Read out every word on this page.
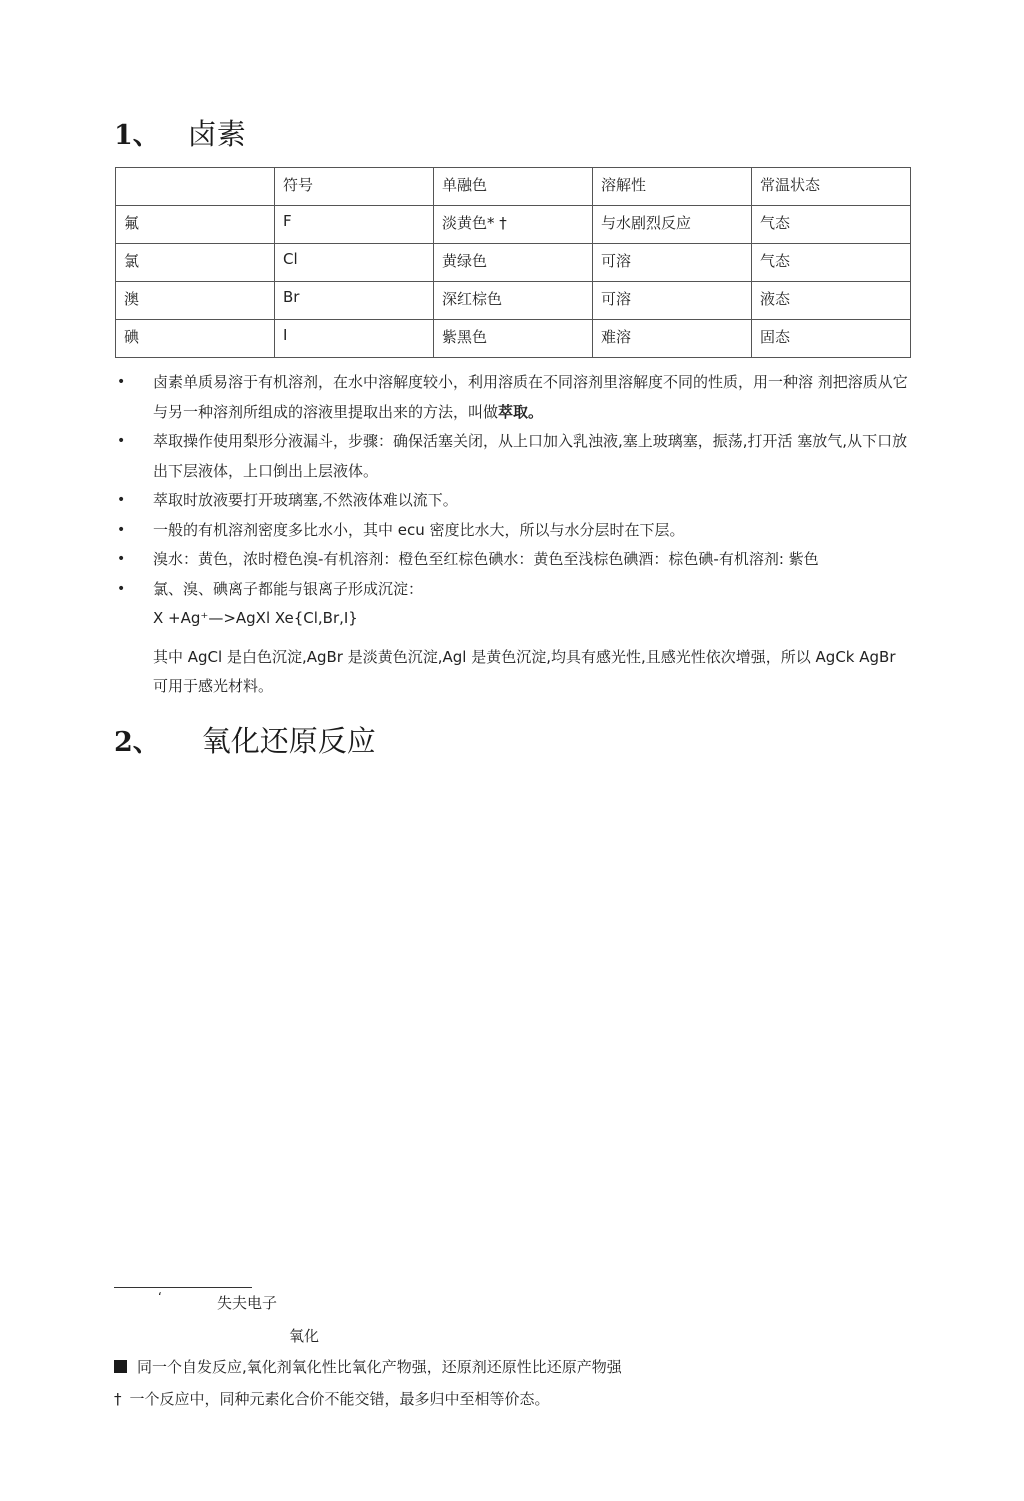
1、 卤素
	符号	单融色	溶解性	常温状态
氟	F	淡黄色* †	与水剧烈反应	气态
氯	Cl	黄绿色	可溶	气态
澳	Br	深红棕色	可溶	液态
碘	I	紫黑色	难溶	固态
• 卤素单质易溶于有机溶剂，在水中溶解度较小，利用溶质在不同溶剂里溶解度不同的性质，用一种溶 剂把溶质从它与另一种溶剂所组成的溶液里提取出来的方法，叫做萃取。
• 萃取操作使用梨形分液漏斗，步骤：确保活塞关闭，从上口加入乳浊液,塞上玻璃塞，振荡,打开活 塞放气,从下口放出下层液体，上口倒出上层液体。
• 萃取时放液要打开玻璃塞,不然液体难以流下。
• 一般的有机溶剂密度多比水小，其中 ecu 密度比水大，所以与水分层时在下层。
• 溴水：黄色，浓时橙色溴-有机溶剂：橙色至红棕色碘水：黄色至浅棕色碘酒：棕色碘-有机溶剂: 紫色
• 氯、溴、碘离子都能与银离子形成沉淀：
X +Ag⁺—>AgXl Xe{Cl,Br,I}
其中 AgCl 是白色沉淀,AgBr 是淡黄色沉淀,Agl 是黄色沉淀,均具有感光性,且感光性依次增强，所以 AgCk AgBr 可用于感光材料。
2、 氧化还原反应
‘	失夫电子
氧化
同一个自发反应,氧化剂氧化性比氧化产物强，还原剂还原性比还原产物强
† 一个反应中，同种元素化合价不能交错，最多归中至相等价态。
